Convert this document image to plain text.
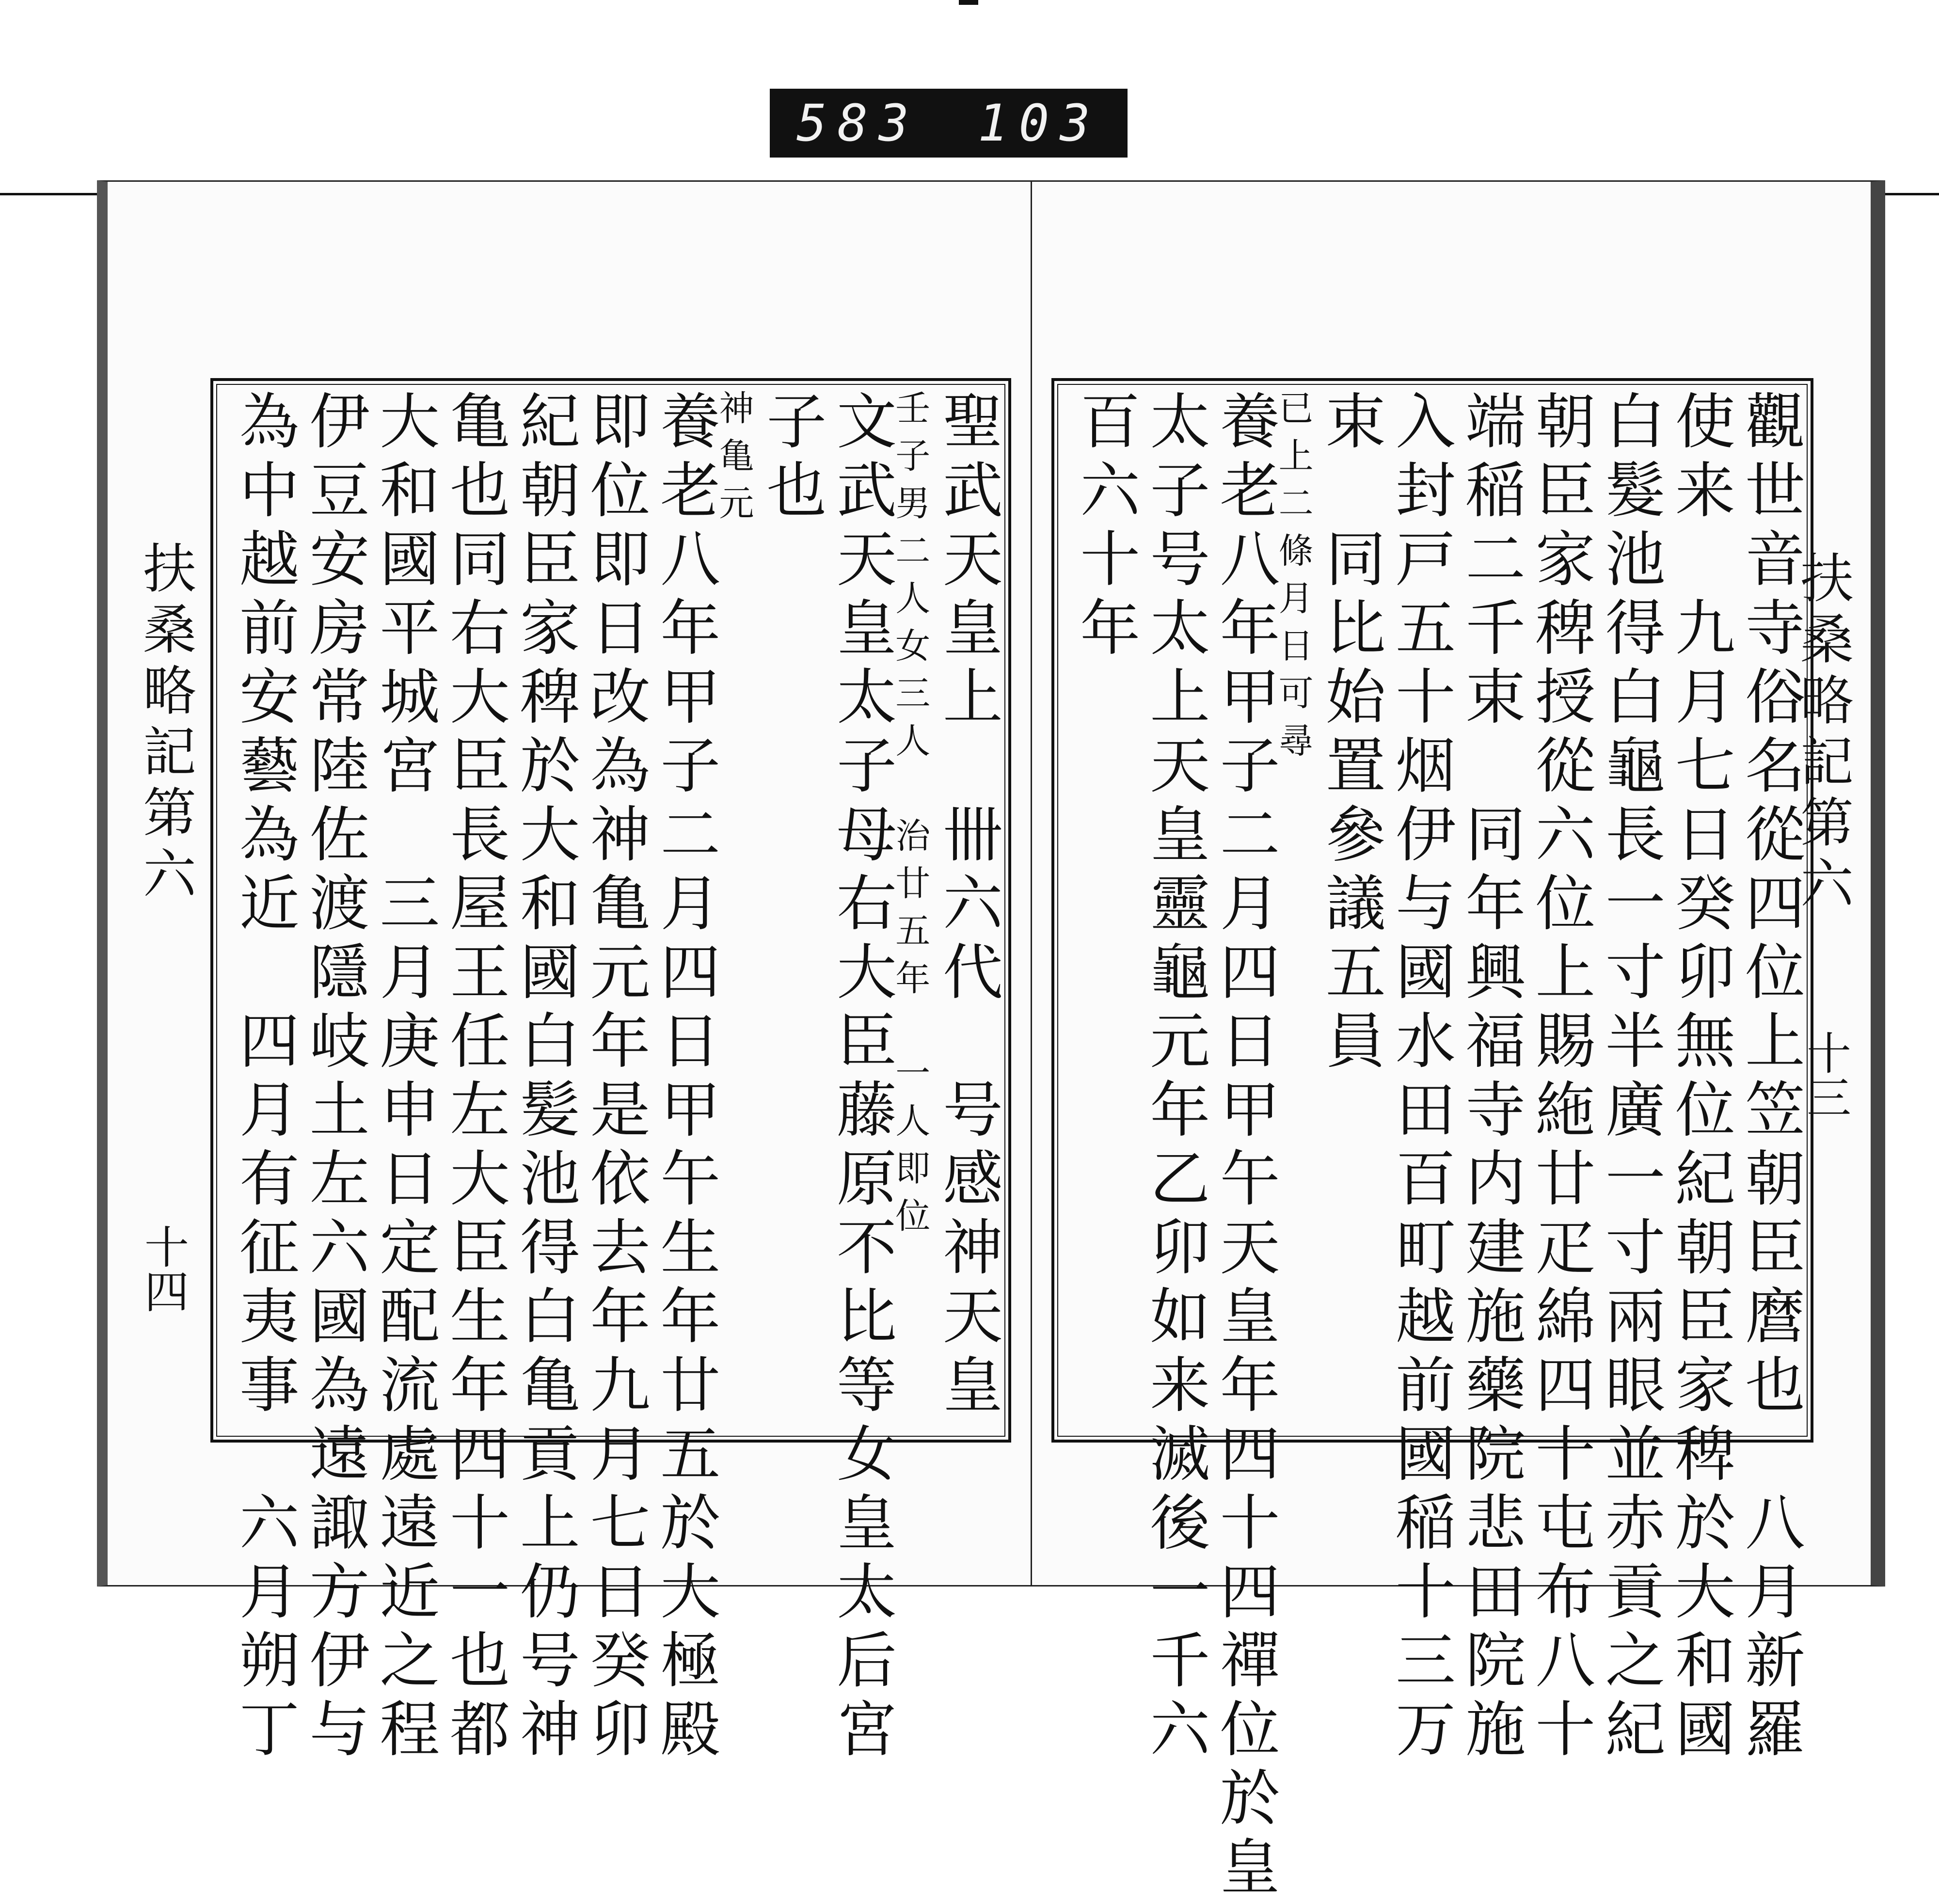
583 103
扶桑略記第六
十四	聖武天皇上　卌六代　号感神天皇
壬子男二人女三人　治廿五年　一人即位
文武天皇太子母右大臣藤原不比等女皇太后宮
子也
神亀元
養老八年甲子二月四日甲午生年廿五於大極殿
即位即日改為神亀元年是依去年九月七日癸卯
紀朝臣家稗於大和國白髪池得白亀貢上仍号神
亀也同右大臣長屋王任左大臣生年四十一也都
大和國平城宮　三月庚申日定配流處遠近之程
伊豆安房常陸佐渡隱岐土左六國為遠諏方伊与
為中越前安藝為近　四月有征夷事　六月朔丁	扶桑略記第六
十三
觀世音寺俗名從四位上笠朝臣麿也　八月新羅
使来　九月七日癸卯無位紀朝臣家稗於大和國
白髮池得白龜長一寸半廣一寸兩眼並赤貢之紀
朝臣家稗授從六位上賜絁廿疋綿四十屯布八十
端稲二千束　同年興福寺内建施藥院悲田院施
入封戸五十烟伊与國水田百町越前國稲十三万
束　同比始置參議五員
已上二條月日可尋
養老八年甲子二月四日甲午天皇年四十四禪位於皇
太子号太上天皇靈龜元年乙卯如来滅後一千六
百六十年
